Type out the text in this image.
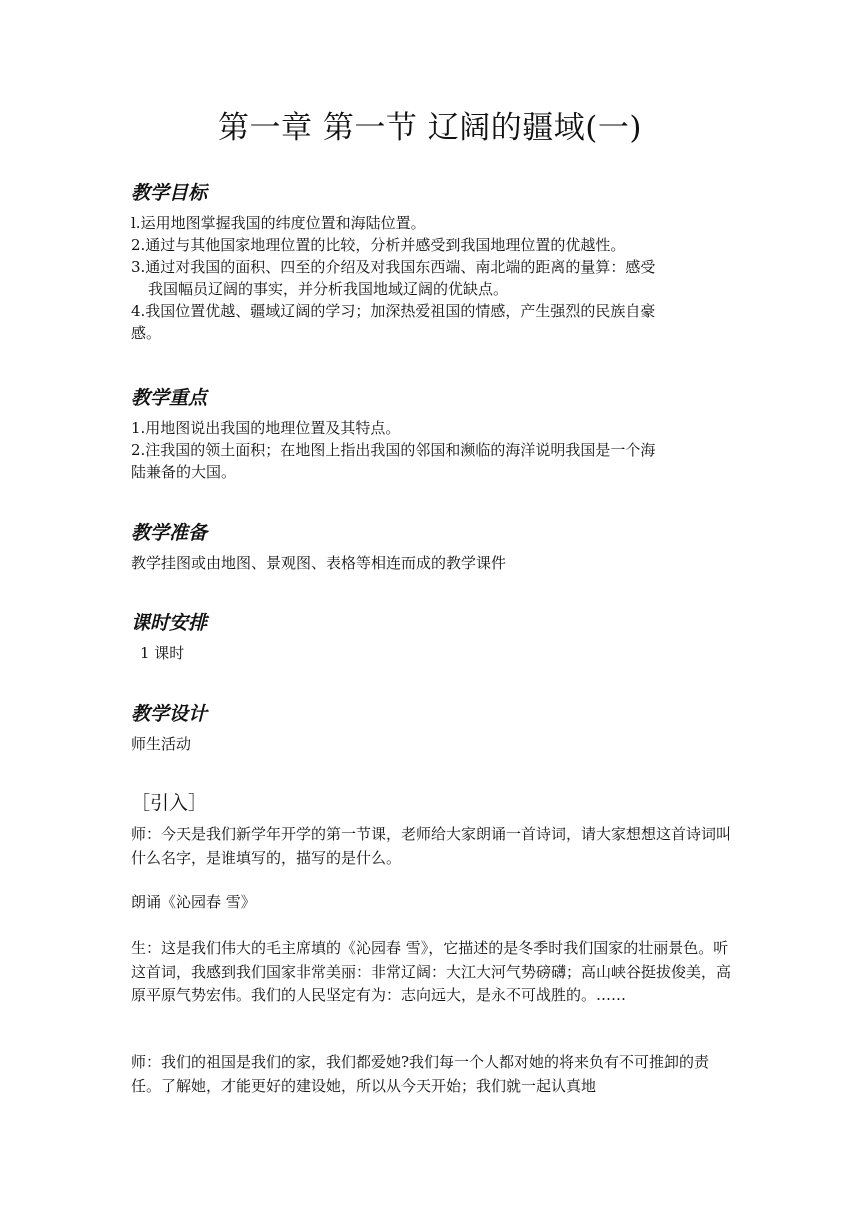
第一章 第一节 辽阔的疆域(一)
教学目标
l.运用地图掌握我国的纬度位置和海陆位置。
2.通过与其他国家地理位置的比较，分析并感受到我国地理位置的优越性。
3.通过对我国的面积、四至的介绍及对我国东西端、南北端的距离的量算：感受
我国幅员辽阔的事实，并分析我国地域辽阔的优缺点。
4.我国位置优越、疆域辽阔的学习；加深热爱祖国的情感，产生强烈的民族自豪
感。
教学重点
1.用地图说出我国的地理位置及其特点。
2.注我国的领土面积；在地图上指出我国的邻国和濒临的海洋说明我国是一个海
陆兼备的大国。
教学准备
教学挂图或由地图、景观图、表格等相连而成的教学课件
课时安排
1 课时
教学设计
师生活动
［引入］

师：今天是我们新学年开学的第一节课，老师给大家朗诵一首诗词，请大家想想这首诗词叫什么名字，是谁填写的，描写的是什么。

朗诵《沁园春 雪》

生：这是我们伟大的毛主席填的《沁园春 雪》，它描述的是冬季时我们国家的壮丽景色。听这首词，我感到我们国家非常美丽：非常辽阔：大江大河气势磅礴；高山峡谷挺拔俊美，高原平原气势宏伟。我们的人民坚定有为：志向远大，是永不可战胜的。……

师：我们的祖国是我们的家，我们都爱她?我们每一个人都对她的将来负有不可推卸的责任。了解她，才能更好的建设她，所以从今天开始；我们就一起认真地
